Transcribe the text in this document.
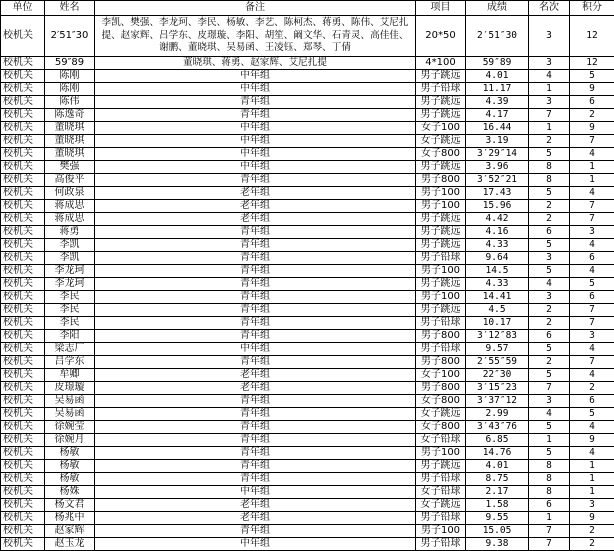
单位	姓名	备注	项目	成绩	名次	积分
校机关	2′51″30	李凯、樊强、李龙珂、李民、杨敏、李艺、陈柯杰、蒋勇、陈伟、艾尼扎提、赵家辉、吕学东、皮璟璇、李阳、胡笙、阚文华、石青灵、高佳佳、谢鹏、董晓琪、吴易函、王凌钰、郑琴、丁倩	20*50	2′51″30	3	12
校机关	59″89	董晓琪、蒋勇、赵家辉、艾尼扎提	4*100	59″89	3	12
校机关	陈刚	中年组	男子跳远	4.01	4	5
校机关	陈刚	中年组	男子铅球	11.17	1	9
校机关	陈伟	青年组	男子跳远	4.39	3	6
校机关	陈逸奇	青年组	男子跳远	4.17	7	2
校机关	董晓琪	中年组	女子100	16.44	1	9
校机关	董晓琪	中年组	女子跳远	3.19	2	7
校机关	董晓琪	中年组	女子800	3′29″14	5	4
校机关	樊强	中年组	男子跳远	3.96	8	1
校机关	高俊平	青年组	男子800	3′52″21	8	1
校机关	何政泉	老年组	男子100	17.43	5	4
校机关	蒋成思	老年组	男子100	15.96	2	7
校机关	蒋成思	老年组	男子跳远	4.42	2	7
校机关	蒋勇	青年组	男子跳远	4.16	6	3
校机关	李凯	青年组	男子跳远	4.33	5	4
校机关	李凯	青年组	男子铅球	9.64	3	6
校机关	李龙珂	青年组	男子100	14.5	5	4
校机关	李龙珂	青年组	男子跳远	4.33	4	5
校机关	李民	青年组	男子100	14.41	3	6
校机关	李民	青年组	男子跳远	4.5	2	7
校机关	李民	青年组	男子铅球	10.17	2	7
校机关	李阳	青年组	男子800	3′12″83	6	3
校机关	梁志厂	中年组	男子铅球	9.57	5	4
校机关	吕学东	青年组	男子800	2′55″59	2	7
校机关	牟卿	老年组	女子100	22″30	5	4
校机关	皮璟璇	老年组	男子800	3′15″23	7	2
校机关	吴易函	青年组	女子800	3′37″12	3	6
校机关	吴易函	青年组	女子跳远	2.99	4	5
校机关	徐婉莹	青年组	女子800	3′43″76	5	4
校机关	徐婉月	青年组	女子铅球	6.85	1	9
校机关	杨敏	青年组	男子100	14.76	5	4
校机关	杨敏	青年组	男子跳远	4.01	8	1
校机关	杨敏	青年组	男子铅球	8.75	8	1
校机关	杨姝	中年组	女子铅球	2.17	8	1
校机关	杨文君	老年组	女子跳远	1.58	6	3
校机关	杨兆中	老年组	男子铅球	9.55	1	9
校机关	赵家辉	青年组	男子100	15.05	7	2
校机关	赵玉龙	中年组	男子铅球	9.38	7	2
